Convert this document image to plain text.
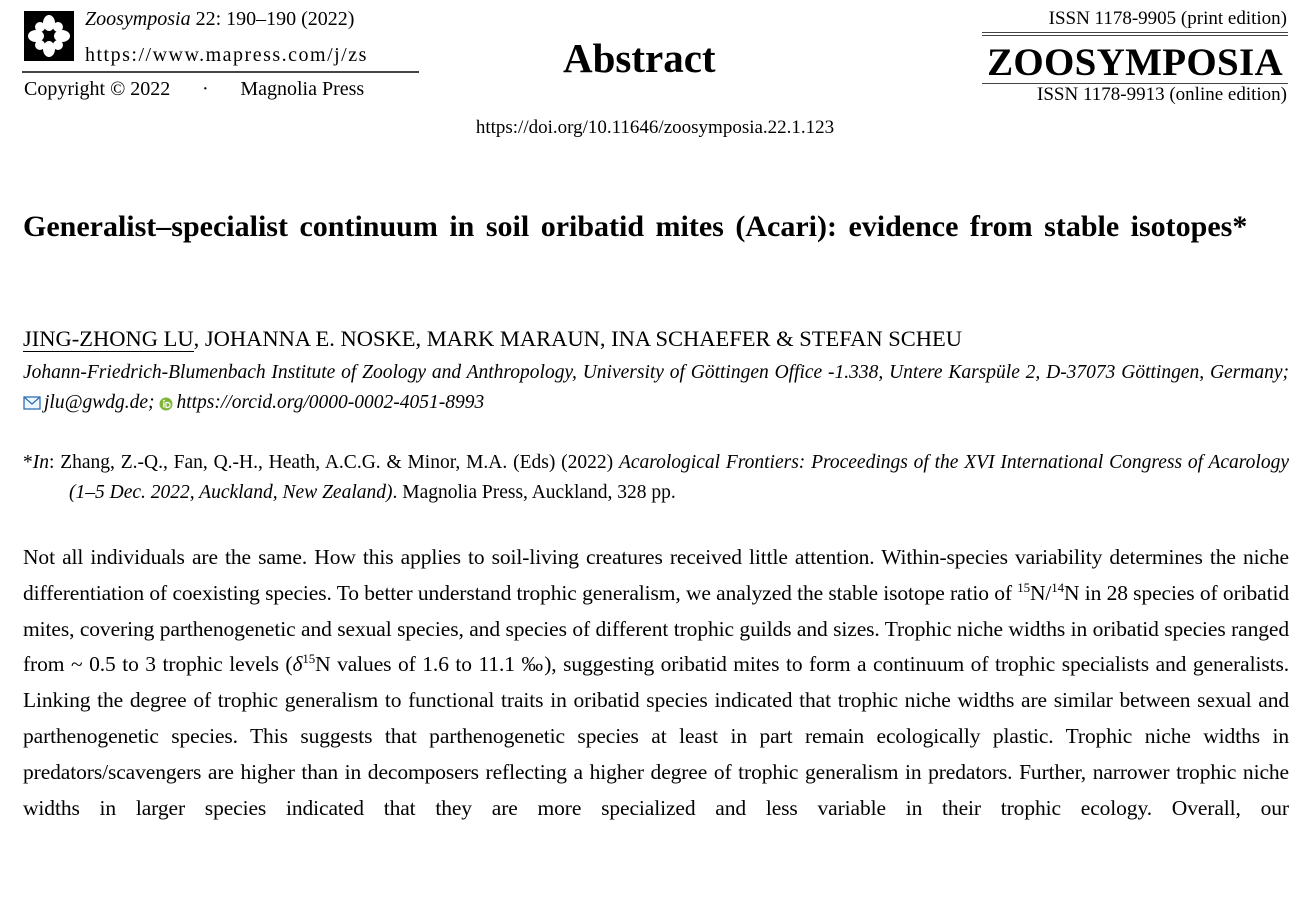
Zoosymposia 22: 190–190 (2022)
https://www.mapress.com/j/zs
Copyright © 2022 · Magnolia Press
Abstract
ISSN 1178-9905 (print edition)
ZOOSYMPOSIA
ISSN 1178-9913 (online edition)
https://doi.org/10.11646/zoosymposia.22.1.123
Generalist–specialist continuum in soil oribatid mites (Acari): evidence from stable isotopes*
JING-ZHONG LU, JOHANNA E. NOSKE, MARK MARAUN, INA SCHAEFER & STEFAN SCHEU
Johann-Friedrich-Blumenbach Institute of Zoology and Anthropology, University of Göttingen Office -1.338, Untere Karspüle 2, D-37073 Göttingen, Germany; jlu@gwdg.de; https://orcid.org/0000-0002-4051-8993
*In: Zhang, Z.-Q., Fan, Q.-H., Heath, A.C.G. & Minor, M.A. (Eds) (2022) Acarological Frontiers: Proceedings of the XVI International Congress of Acarology (1–5 Dec. 2022, Auckland, New Zealand). Magnolia Press, Auckland, 328 pp.

Not all individuals are the same. How this applies to soil-living creatures received little attention. Within-species variability determines the niche differentiation of coexisting species. To better understand trophic generalism, we analyzed the stable isotope ratio of $^{15}$N/$^{14}$N in 28 species of oribatid mites, covering parthenogenetic and sexual species, and species of different trophic guilds and sizes. Trophic niche widths in oribatid species ranged from ~ 0.5 to 3 trophic levels ($\delta^{15}N$ values of 1.6 to 11.1 ‰), suggesting oribatid mites to form a continuum of trophic specialists and generalists. Linking the degree of trophic generalism to functional traits in oribatid species indicated that trophic niche widths are similar between sexual and parthenogenetic species. This suggests that parthenogenetic species at least in part remain ecologically plastic. Trophic niche widths in predators/scavengers are higher than in decomposers reflecting a higher degree of trophic generalism in predators. Further, narrower trophic niche widths in larger species indicated that they are more specialized and less variable in their trophic ecology. Overall, our
